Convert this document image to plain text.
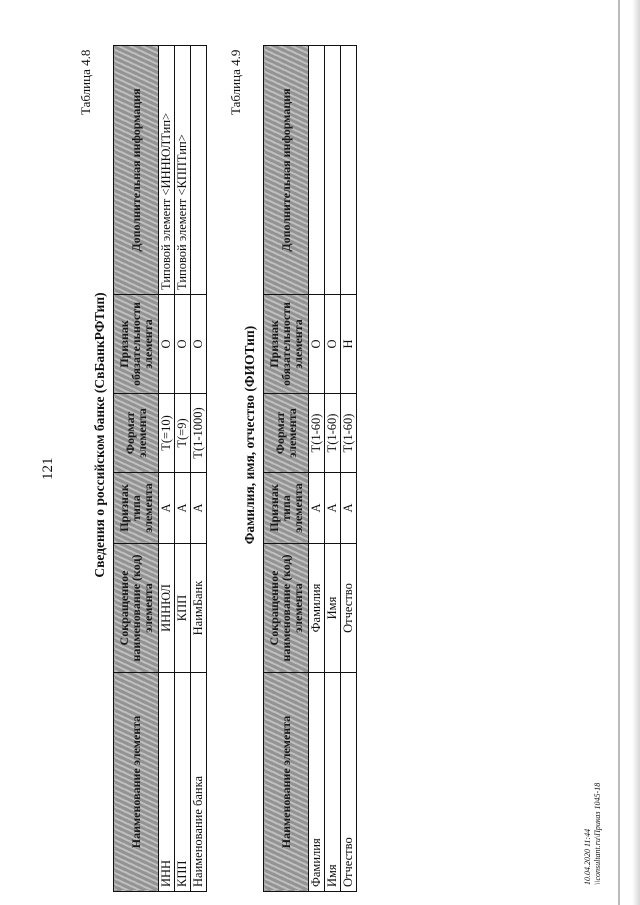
121
Таблица 4.8
Сведения о российском банке (СвБанкРФТип)
Наименование элемента	Сокращенное наименование (код) элемента	Признак типа элемента	Формат элемента	Признак обязательности элемента	Дополнительная информация
ИНН	ИННЮЛ	А	Т(=10)	О	Типовой элемент <ИННЮЛТип>
КПП	КПП	А	Т(=9)	О	Типовой элемент <КППТип>
Наименование банка	НаимБанк	А	Т(1-1000)	О	
Таблица 4.9
Фамилия, имя, отчество (ФИОТип)
Наименование элемента	Сокращенное наименование (код) элемента	Признак типа элемента	Формат элемента	Признак обязательности элемента	Дополнительная информация
Фамилия	Фамилия	А	Т(1-60)	О	
Имя	Имя	А	Т(1-60)	О	
Отчество	Отчество	А	Т(1-60)	Н	
10.04.2020 11:44 \\consultant.ru\Приказ 1045-18
